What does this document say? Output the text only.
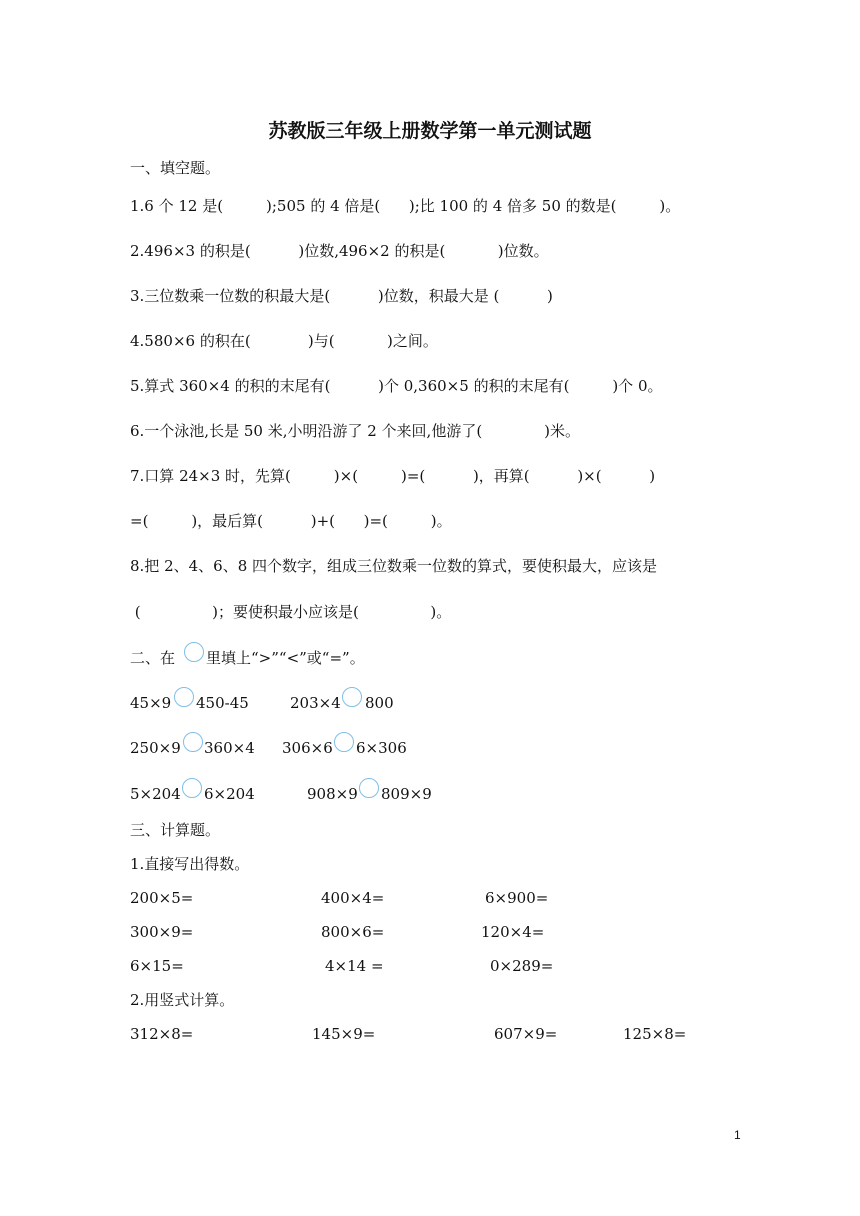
苏教版三年级上册数学第一单元测试题
一、填空题。
1.6 个 12 是(         );505 的 4 倍是(      );比 100 的 4 倍多 50 的数是(         )。
2.496×3 的积是(          )位数,496×2 的积是(           )位数。
3.三位数乘一位数的积最大是(          )位数，积最大是 (          )
4.580×6 的积在(            )与(           )之间。
5.算式 360×4 的积的末尾有(          )个 0,360×5 的积的末尾有(         )个 0。
6.一个泳池,长是 50 米,小明沿游了 2 个来回,他游了(             )米。
7.口算 24×3 时，先算(         )×(         )=(          )，再算(          )×(          )
=(         )，最后算(          )+(      )=(         )。
8.把 2、4、6、8 四个数字，组成三位数乘一位数的算式，要使积最大，应该是
(               )；要使积最小应该是(               )。
二、在 里填上“>”“<”或“=”。
45×9 450-45	203×4 800
250×9 360×4 306×6 6×306
5×204 6×204	908×9 809×9
三、计算题。
1.直接写出得数。
200×5=	400×4=	6×900=
300×9=	800×6=	120×4=
6×15=	4×14 =	0×289=
2.用竖式计算。
312×8=	145×9=	607×9=	125×8=
1
